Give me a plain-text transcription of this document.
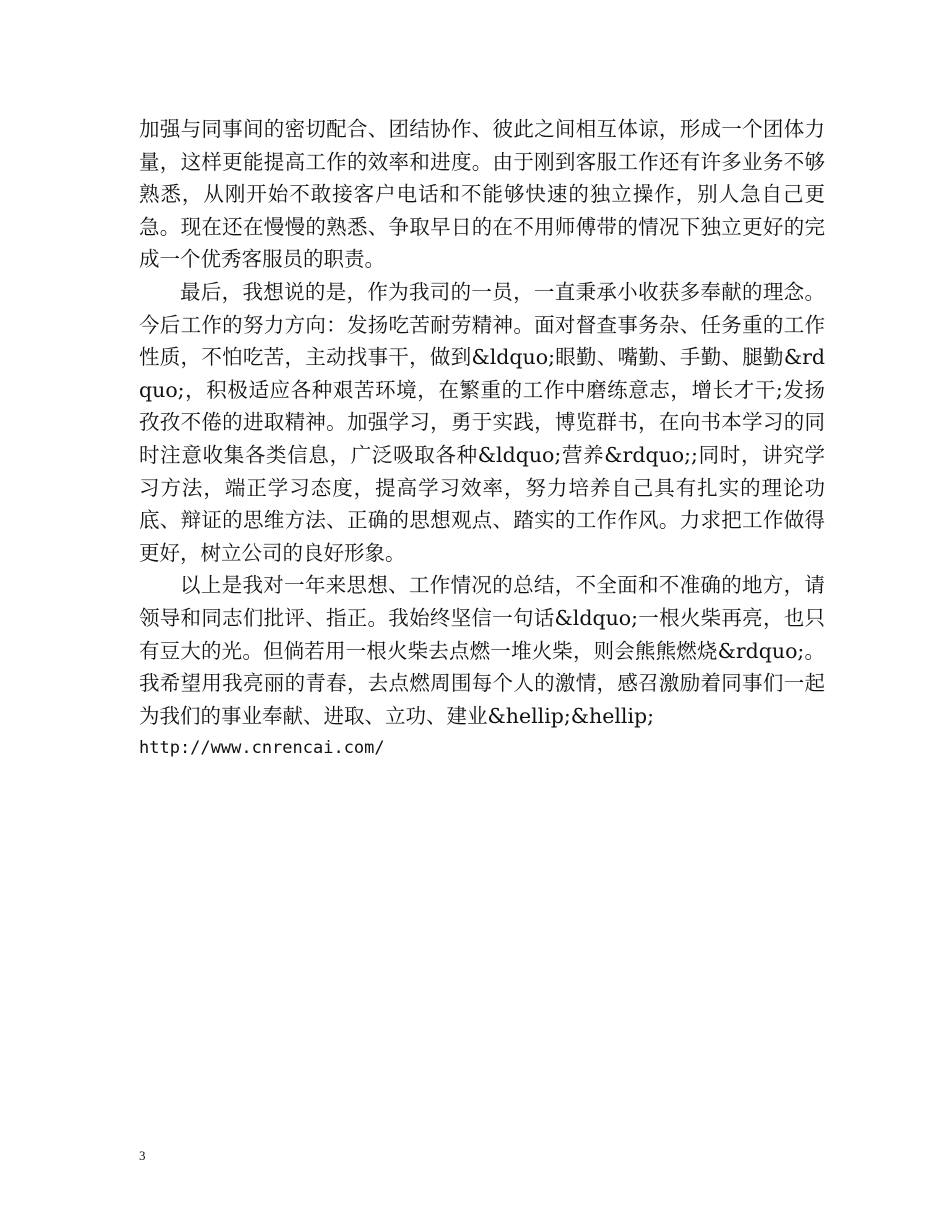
加强与同事间的密切配合、团结协作、彼此之间相互体谅，形成一个团体力量，这样更能提高工作的效率和进度。由于刚到客服工作还有许多业务不够熟悉，从刚开始不敢接客户电话和不能够快速的独立操作，别人急自己更急。现在还在慢慢的熟悉、争取早日的在不用师傅带的情况下独立更好的完成一个优秀客服员的职责。

最后，我想说的是，作为我司的一员，一直秉承小收获多奉献的理念。今后工作的努力方向：发扬吃苦耐劳精神。面对督查事务杂、任务重的工作性质，不怕吃苦，主动找事干，做到&ldquo;眼勤、嘴勤、手勤、腿勤&rdquo;，积极适应各种艰苦环境，在繁重的工作中磨练意志，增长才干;发扬孜孜不倦的进取精神。加强学习，勇于实践，博览群书，在向书本学习的同时注意收集各类信息，广泛吸取各种&ldquo;营养&rdquo;;同时，讲究学习方法，端正学习态度，提高学习效率，努力培养自己具有扎实的理论功底、辩证的思维方法、正确的思想观点、踏实的工作作风。力求把工作做得更好，树立公司的良好形象。

以上是我对一年来思想、工作情况的总结，不全面和不准确的地方，请领导和同志们批评、指正。我始终坚信一句话&ldquo;一根火柴再亮，也只有豆大的光。但倘若用一根火柴去点燃一堆火柴，则会熊熊燃烧&rdquo;。我希望用我亮丽的青春，去点燃周围每个人的激情，感召激励着同事们一起为我们的事业奉献、进取、立功、建业&hellip;&hellip;

http://www.cnrencai.com/

3
